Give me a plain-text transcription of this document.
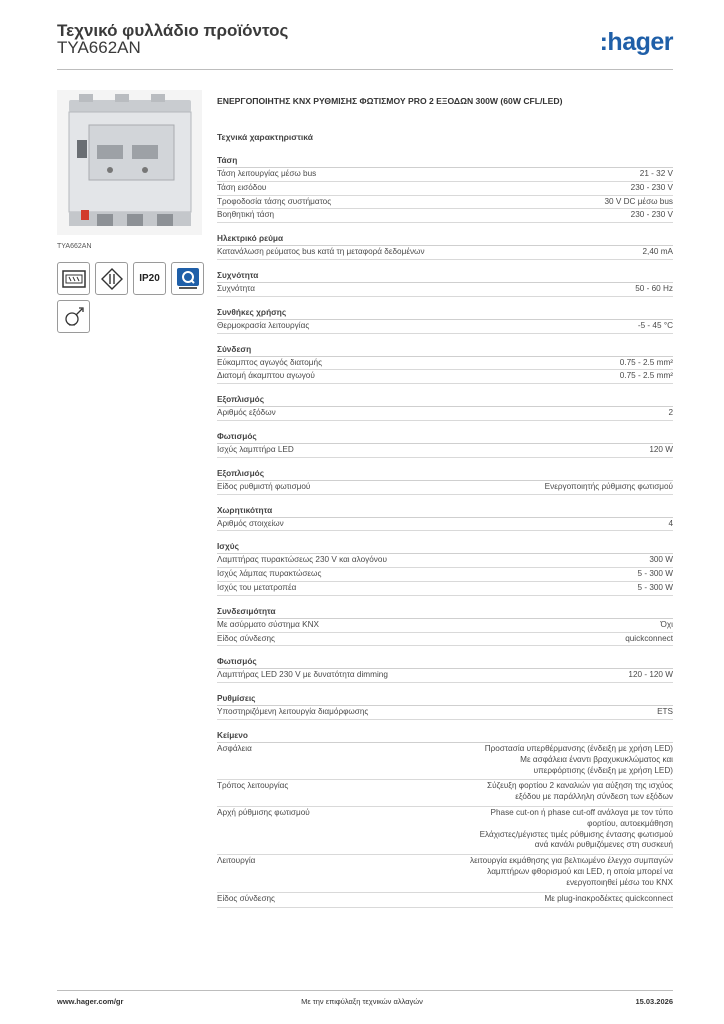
Τεχνικό φυλλάδιο προϊόντος
TYA662AN	:hager
TYA662AN
IP20
ΕΝΕΡΓΟΠΟΙΗΤΗΣ KNX ΡΥΘΜΙΣΗΣ ΦΩΤΙΣΜΟΥ PRO 2 ΕΞΟΔΩΝ 300W (60W CFL/LED)
Τεχνικά χαρακτηριστικά
Τάση
Τάση λειτουργίας μέσω bus	21 - 32 V
Τάση εισόδου	230 - 230 V
Τροφοδοσία τάσης συστήματος	30 V DC μέσω bus
Βοηθητική τάση	230 - 230 V
Ηλεκτρικό ρεύμα
Κατανάλωση ρεύματος bus κατά τη μεταφορά δεδομένων	2,40 mA
Συχνότητα
Συχνότητα	50 - 60 Hz
Συνθήκες χρήσης
Θερμοκρασία λειτουργίας	-5 - 45 °C
Σύνδεση
Εύκαμπτος αγωγός διατομής	0.75 - 2.5 mm²
Διατομή άκαμπτου αγωγού	0.75 - 2.5 mm²
Εξοπλισμός
Αριθμός εξόδων	2
Φωτισμός
Ισχύς λαμπτήρα LED	120 W
Εξοπλισμός
Είδος ρυθμιστή φωτισμού	Ενεργοποιητής ρύθμισης φωτισμού
Χωρητικότητα
Αριθμός στοιχείων	4
Ισχύς
Λαμπτήρας πυρακτώσεως 230 V και αλογόνου	300 W
Ισχύς λάμπας πυρακτώσεως	5 - 300 W
Ισχύς του μετατροπέα	5 - 300 W
Συνδεσιμότητα
Με ασύρματο σύστημα KNX	Όχι
Είδος σύνδεσης	quickconnect
Φωτισμός
Λαμπτήρας LED 230 V με δυνατότητα dimming	120 - 120 W
Ρυθμίσεις
Υποστηριζόμενη λειτουργία διαμόρφωσης	ETS
Κείμενο
Ασφάλεια	Προστασία υπερθέρμανσης (ένδειξη με χρήση LED)
Με ασφάλεια έναντι βραχυκυκλώματος και υπερφόρτισης (ένδειξη με χρήση LED)
Τρόπος λειτουργίας	Σύζευξη φορτίου 2 καναλιών για αύξηση της ισχύος εξόδου με παράλληλη σύνδεση των εξόδων
Αρχή ρύθμισης φωτισμού	Phase cut-on ή phase cut-off ανάλογα με τον τύπο φορτίου, αυτοεκμάθηση
Ελάχιστες/μέγιστες τιμές ρύθμισης έντασης φωτισμού ανά κανάλι ρυθμιζόμενες στη συσκευή
Λειτουργία	λειτουργία εκμάθησης για βελτιωμένο έλεγχο συμπαγών λαμπτήρων φθορισμού και LED, η οποία μπορεί να ενεργοποιηθεί μέσω του KNX
Είδος σύνδεσης	Με plug-inακροδέκτες quickconnect
www.hager.com/gr	Με την επιφύλαξη τεχνικών αλλαγών	15.03.2026
